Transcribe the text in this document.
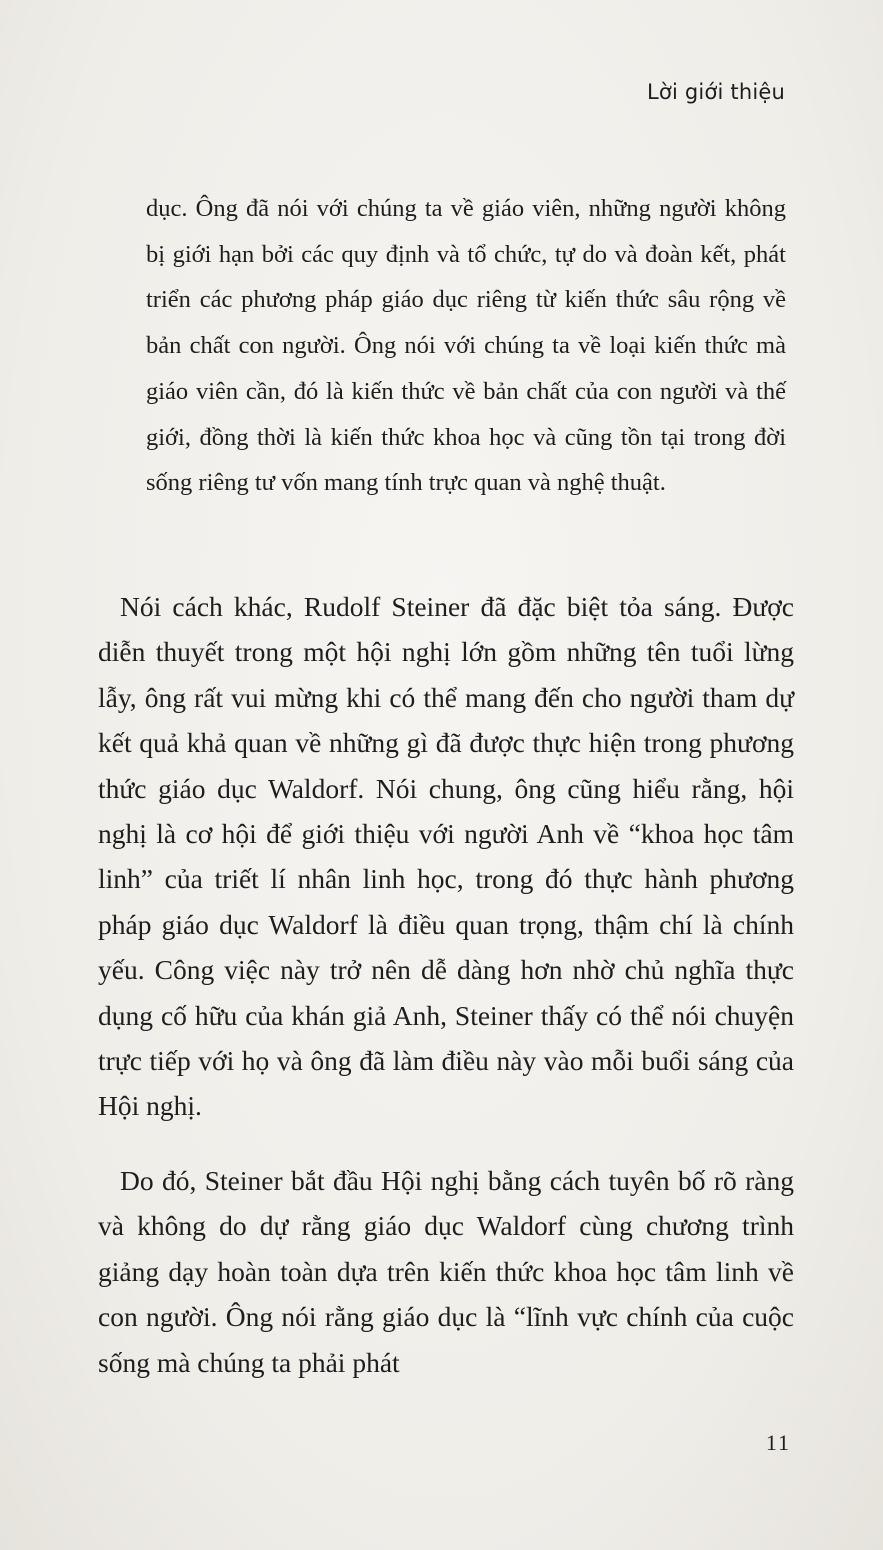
Lời giới thiệu

dục. Ông đã nói với chúng ta về giáo viên, những người không bị giới hạn bởi các quy định và tổ chức, tự do và đoàn kết, phát triển các phương pháp giáo dục riêng từ kiến thức sâu rộng về bản chất con người. Ông nói với chúng ta về loại kiến thức mà giáo viên cần, đó là kiến thức về bản chất của con người và thế giới, đồng thời là kiến thức khoa học và cũng tồn tại trong đời sống riêng tư vốn mang tính trực quan và nghệ thuật.

Nói cách khác, Rudolf Steiner đã đặc biệt tỏa sáng. Được diễn thuyết trong một hội nghị lớn gồm những tên tuổi lừng lẫy, ông rất vui mừng khi có thể mang đến cho người tham dự kết quả khả quan về những gì đã được thực hiện trong phương thức giáo dục Waldorf. Nói chung, ông cũng hiểu rằng, hội nghị là cơ hội để giới thiệu với người Anh về “khoa học tâm linh” của triết lí nhân linh học, trong đó thực hành phương pháp giáo dục Waldorf là điều quan trọng, thậm chí là chính yếu. Công việc này trở nên dễ dàng hơn nhờ chủ nghĩa thực dụng cố hữu của khán giả Anh, Steiner thấy có thể nói chuyện trực tiếp với họ và ông đã làm điều này vào mỗi buổi sáng của Hội nghị.

Do đó, Steiner bắt đầu Hội nghị bằng cách tuyên bố rõ ràng và không do dự rằng giáo dục Waldorf cùng chương trình giảng dạy hoàn toàn dựa trên kiến thức khoa học tâm linh về con người. Ông nói rằng giáo dục là “lĩnh vực chính của cuộc sống mà chúng ta phải phát

11
